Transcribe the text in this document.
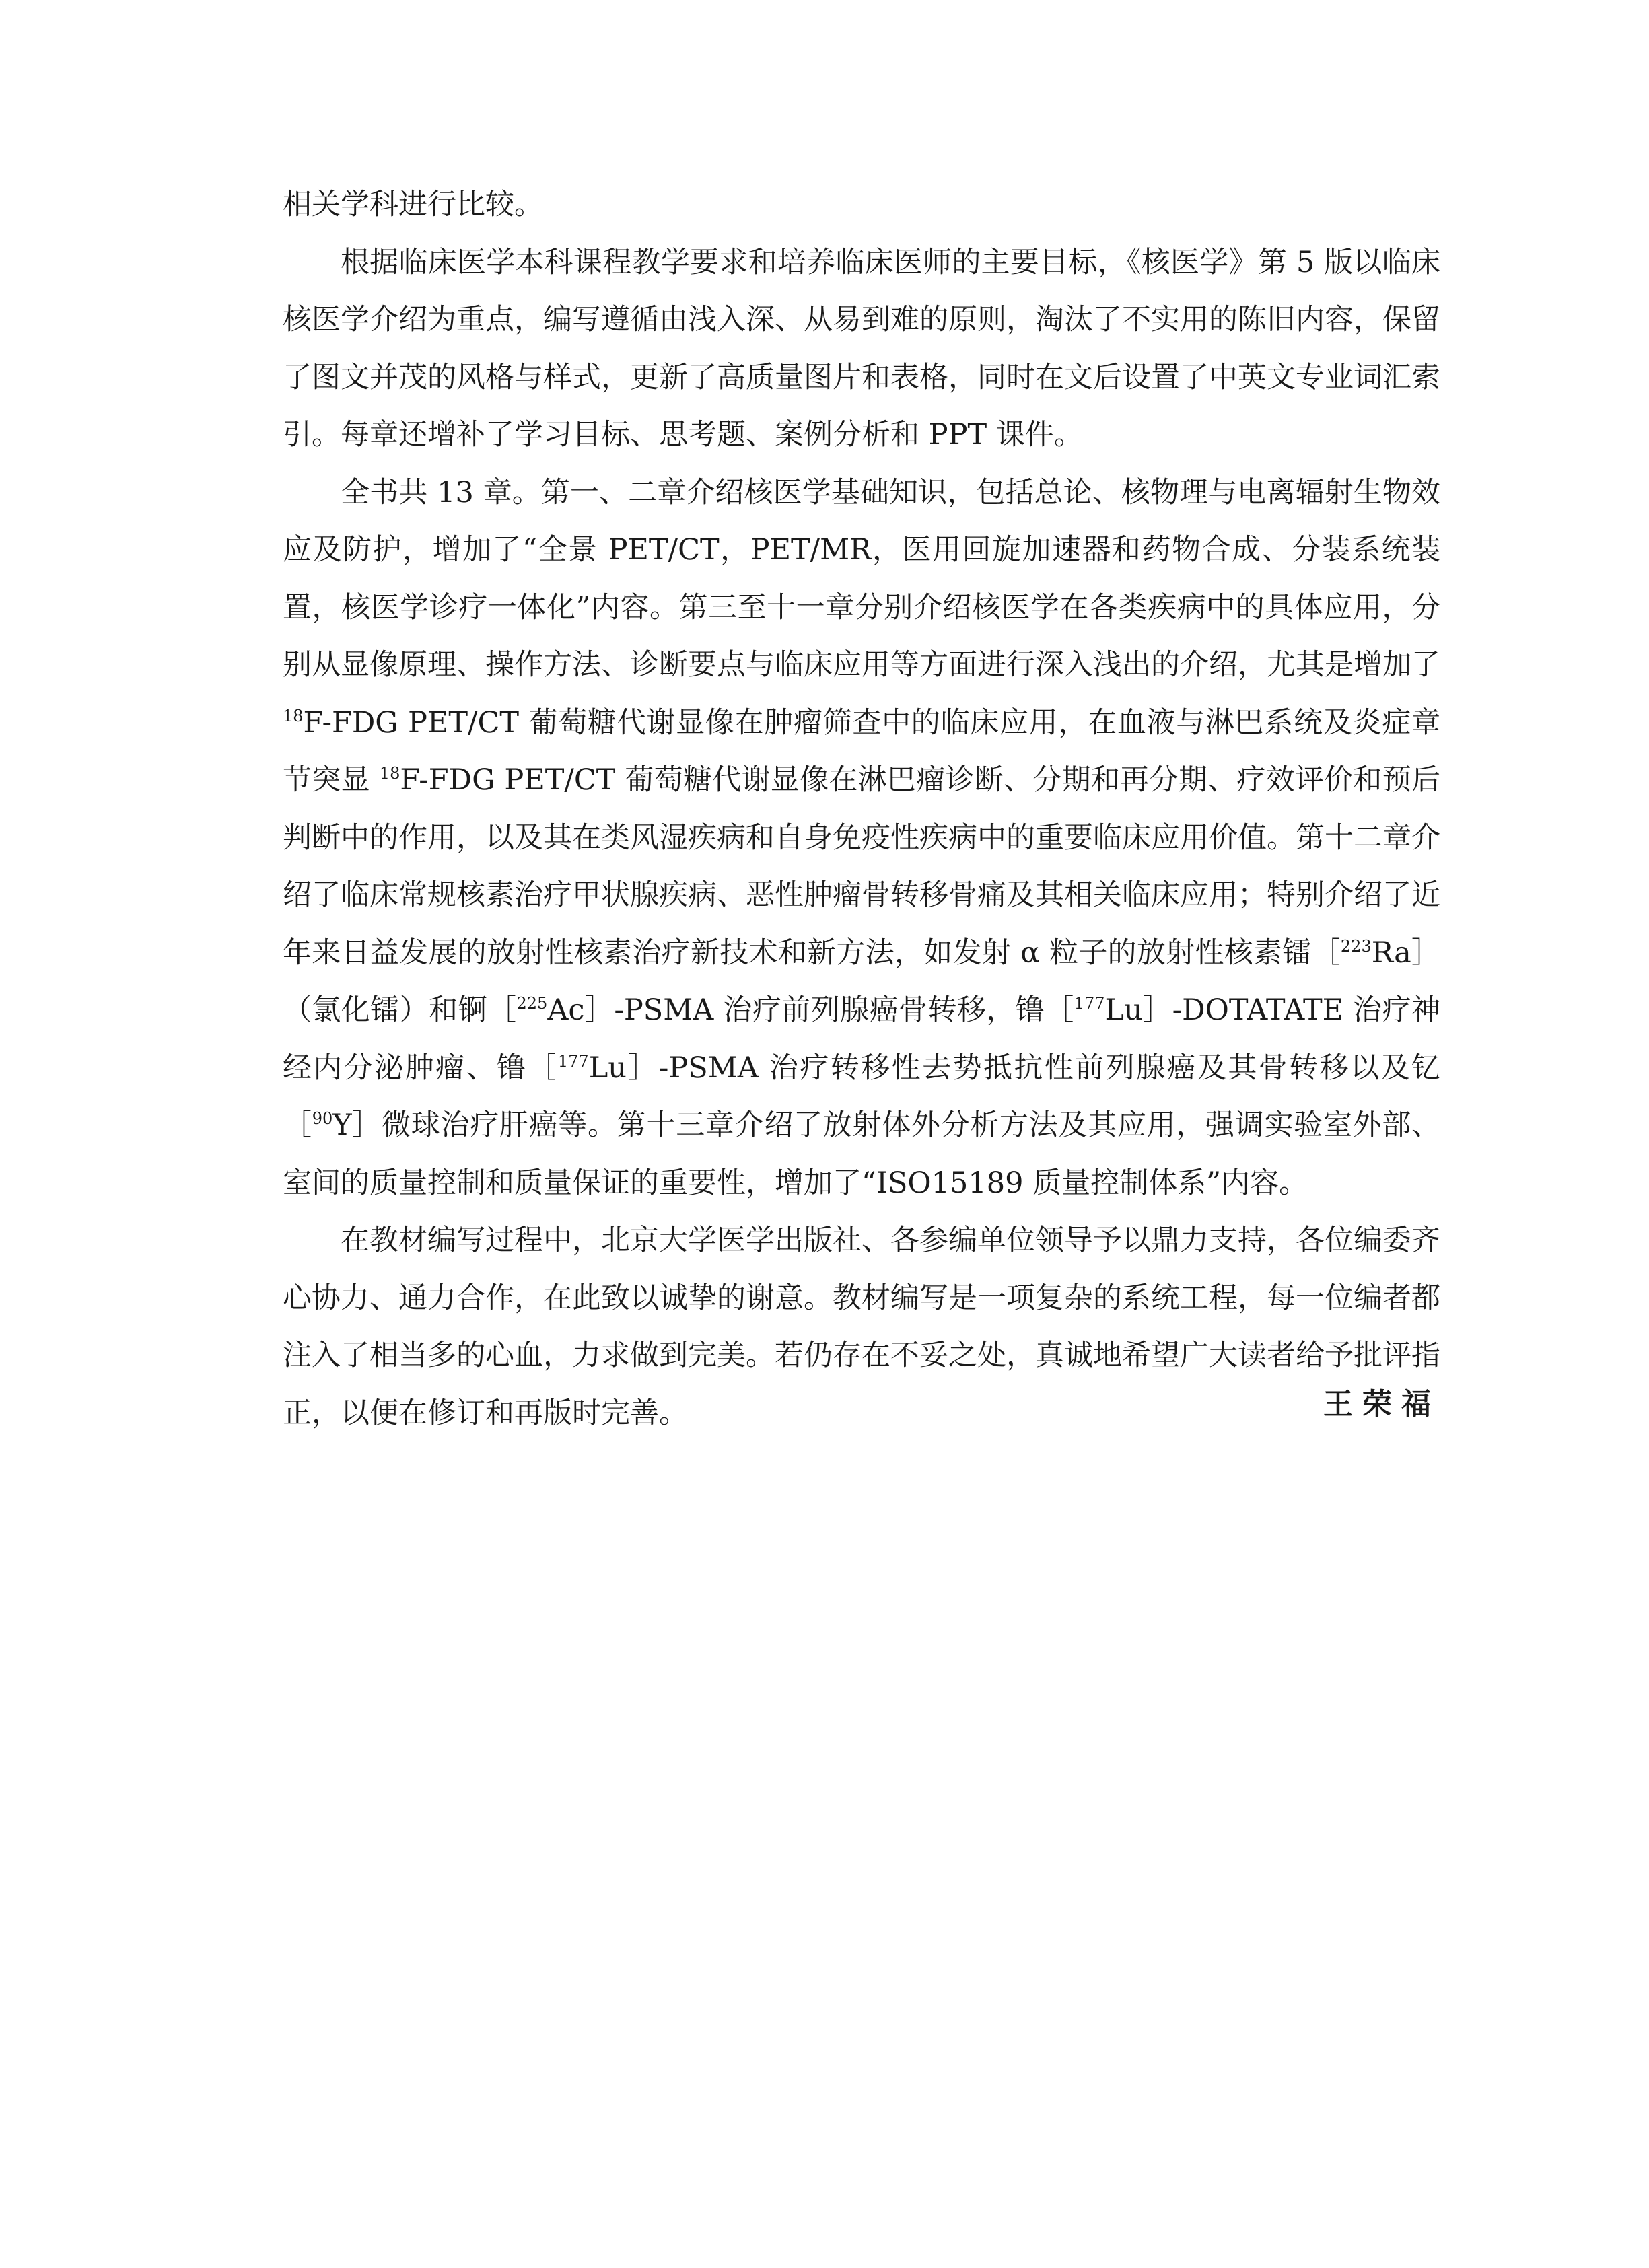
相关学科进行比较。

根据临床医学本科课程教学要求和培养临床医师的主要目标，《核医学》第 5 版以临床核医学介绍为重点，编写遵循由浅入深、从易到难的原则，淘汰了不实用的陈旧内容，保留了图文并茂的风格与样式，更新了高质量图片和表格，同时在文后设置了中英文专业词汇索引。每章还增补了学习目标、思考题、案例分析和 PPT 课件。

全书共 13 章。第一、二章介绍核医学基础知识，包括总论、核物理与电离辐射生物效应及防护，增加了“全景 PET/CT，PET/MR，医用回旋加速器和药物合成、分装系统装置，核医学诊疗一体化”内容。第三至十一章分别介绍核医学在各类疾病中的具体应用，分别从显像原理、操作方法、诊断要点与临床应用等方面进行深入浅出的介绍，尤其是增加了 $^{18}$F-FDG PET/CT 葡萄糖代谢显像在肿瘤筛查中的临床应用，在血液与淋巴系统及炎症章节突显 $^{18}$F-FDG PET/CT 葡萄糖代谢显像在淋巴瘤诊断、分期和再分期、疗效评价和预后判断中的作用，以及其在类风湿疾病和自身免疫性疾病中的重要临床应用价值。第十二章介绍了临床常规核素治疗甲状腺疾病、恶性肿瘤骨转移骨痛及其相关临床应用；特别介绍了近年来日益发展的放射性核素治疗新技术和新方法，如发射 α 粒子的放射性核素镭［$^{223}$Ra］（氯化镭）和锕［$^{225}$Ac］-PSMA 治疗前列腺癌骨转移，镥［$^{177}$Lu］-DOTATATE 治疗神经内分泌肿瘤、镥［$^{177}$Lu］-PSMA 治疗转移性去势抵抗性前列腺癌及其骨转移以及钇［$^{90}$Y］微球治疗肝癌等。第十三章介绍了放射体外分析方法及其应用，强调实验室外部、室间的质量控制和质量保证的重要性，增加了“ISO15189 质量控制体系”内容。

在教材编写过程中，北京大学医学出版社、各参编单位领导予以鼎力支持，各位编委齐心协力、通力合作，在此致以诚挚的谢意。教材编写是一项复杂的系统工程，每一位编者都注入了相当多的心血，力求做到完美。若仍存在不妥之处，真诚地希望广大读者给予批评指正，以便在修订和再版时完善。	王荣福
